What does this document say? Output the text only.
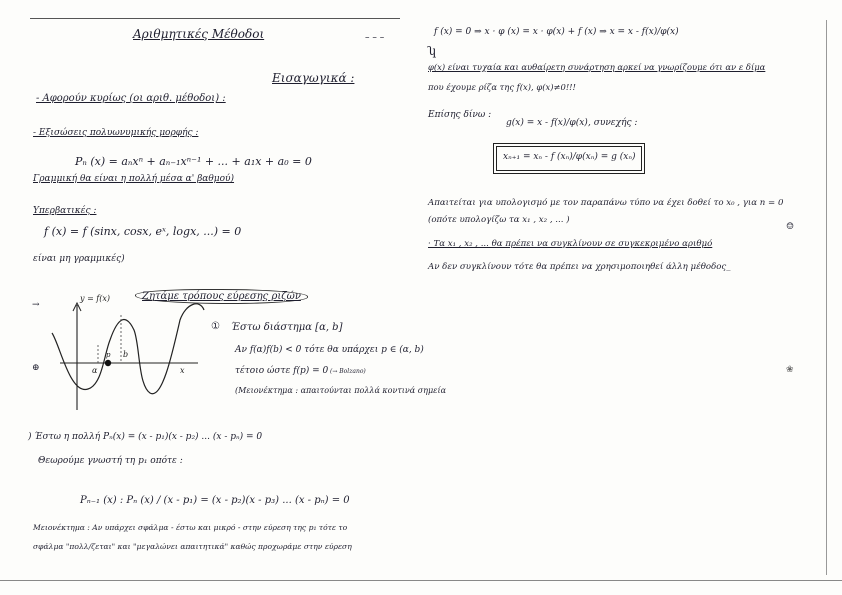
Αριθμητικές Μέθοδοι	– – –
Εισαγωγικά :
- Αφορούν κυρίως (οι αριθ. μέθοδοι) :
- Εξισώσεις πολυωνυμικής μορφής :
Pₙ (x) = aₙxⁿ + aₙ₋₁xⁿ⁻¹ + ... + a₁x + a₀ = 0
Γραμμική θα είναι η πολλή μέσα α' βαθμού)
Υπερβατικές :
f (x) = f (sinx, cosx, eˣ, logx, ...) = 0
είναι μη γραμμικές)
y = f(x)
x
α
p b
⊕
→
Ζητάμε τρόπους εύρεσης ριζών
① Έστω διάστημα [α, b]
Αν f(α)f(b) < 0 τότε θα υπάρχει p ∈ (α, b)
τέτοιο ώστε f(p) = 0 (→ Bolzano)
(Μειονέκτημα : απαιτούνται πολλά κοντινά σημεία
) Έστω η πολλή Pₙ(x) = (x - p₁)(x - p₂) ... (x - pₙ) = 0
Θεωρούμε γνωστή τη p₁ οπότε :
Pₙ₋₁ (x) : Pₙ (x) / (x - p₁) = (x - p₂)(x - p₃) ... (x - pₙ) = 0
Μειονέκτημα : Αν υπάρχει σφάλμα - έστω και μικρό - στην εύρεση της p₁ τότε το
σφάλμα "πολλ/ζεται" και "μεγαλώνει απαιτητικά" καθώς προχωράμε στην εύρεση
f (x) = 0 ⇒ x · φ (x) = x · φ(x) + f (x) ⇒ x = x - f(x)/φ(x)
ʮ
φ(x) είναι τυχαία και αυθαίρετη συνάρτηση αρκεί να γνωρίζουμε ότι αν ε δίμα
που έχουμε ρίζα της f(x), φ(x)≠0!!!
Επίσης δίνω :
g(x) = x - f(x)/φ(x) , συνεχής :
xₙ₊₁ = xₙ - f (xₙ)/φ(xₙ) = g (xₙ)
Απαιτείται για υπολογισμό με τον παραπάνω τύπο να έχει δοθεί το x₀ , για n = 0
(οπότε υπολογίζω τα x₁ , x₂ , ... )
☺
· Τα x₁ , x₂ , ... θα πρέπει να συγκλίνουν σε συγκεκριμένο αριθμό
Αν δεν συγκλίνουν τότε θα πρέπει να χρησιμοποιηθεί άλλη μέθοδος_
❀
